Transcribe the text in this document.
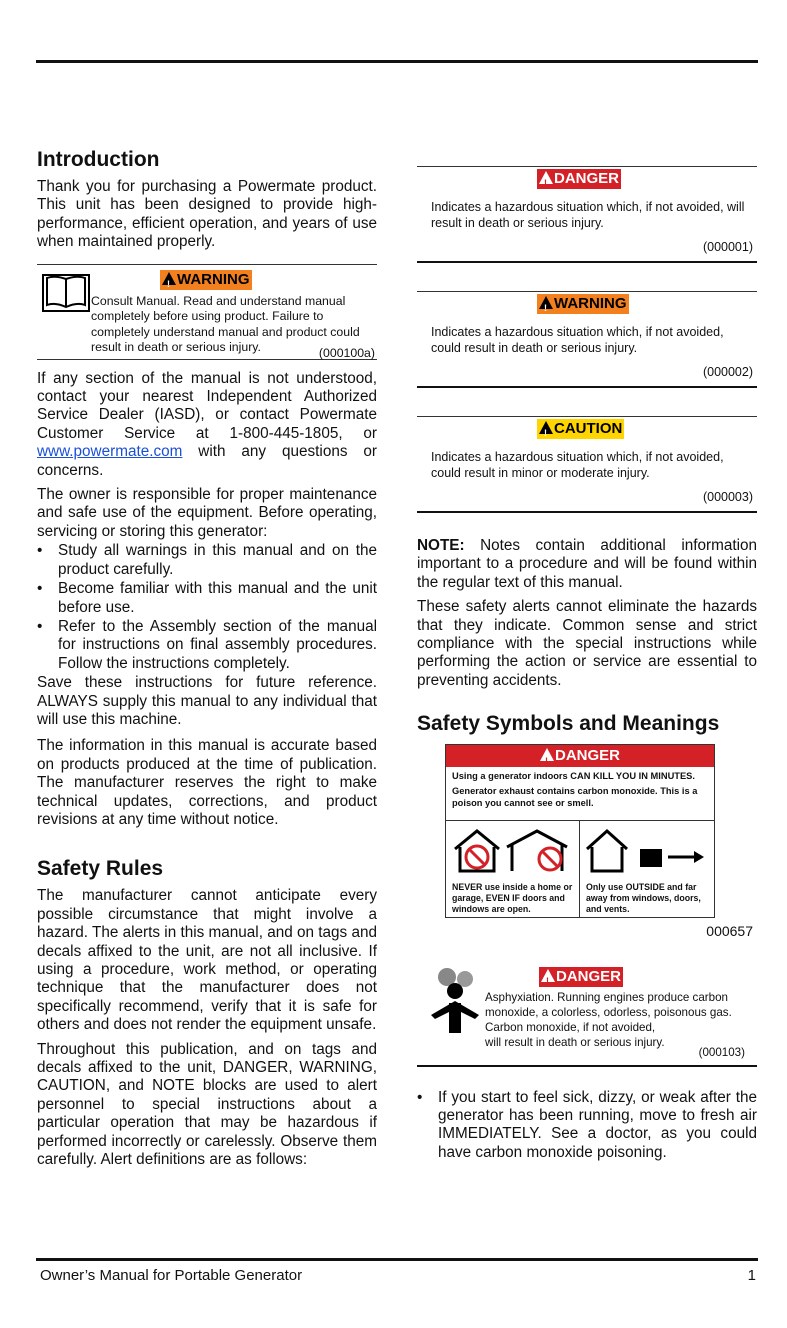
Introduction

Thank you for purchasing a Powermate product. This unit has been designed to provide high-performance, efficient operation, and years of use when maintained properly.

!WARNING
Consult Manual. Read and understand manual completely before using product. Failure to completely understand manual and product could result in death or serious injury.	(000100a)

If any section of the manual is not understood, contact your nearest Independent Authorized Service Dealer (IASD), or contact Powermate Customer Service at 1-800-445-1805, or www.powermate.com with any questions or concerns.

The owner is responsible for proper maintenance and safe use of the equipment. Before operating, servicing or storing this generator:

• Study all warnings in this manual and on the product carefully.
• Become familiar with this manual and the unit before use.
• Refer to the Assembly section of the manual for instructions on final assembly procedures. Follow the instructions completely.

Save these instructions for future reference. ALWAYS supply this manual to any individual that will use this machine.

The information in this manual is accurate based on products produced at the time of publication. The manufacturer reserves the right to make technical updates, corrections, and product revisions at any time without notice.

Safety Rules

The manufacturer cannot anticipate every possible circumstance that might involve a hazard. The alerts in this manual, and on tags and decals affixed to the unit, are not all inclusive. If using a procedure, work method, or operating technique that the manufacturer does not specifically recommend, verify that it is safe for others and does not render the equipment unsafe.

Throughout this publication, and on tags and decals affixed to the unit, DANGER, WARNING, CAUTION, and NOTE blocks are used to alert personnel to special instructions about a particular operation that may be hazardous if performed incorrectly or carelessly. Observe them carefully. Alert definitions are as follows:

!DANGER
Indicates a hazardous situation which, if not avoided, will result in death or serious injury.
(000001)
!WARNING
Indicates a hazardous situation which, if not avoided, could result in death or serious injury.
(000002)
!CAUTION
Indicates a hazardous situation which, if not avoided, could result in minor or moderate injury.
(000003)

NOTE: Notes contain additional information important to a procedure and will be found within the regular text of this manual.

These safety alerts cannot eliminate the hazards that they indicate. Common sense and strict compliance with the special instructions while performing the action or service are essential to preventing accidents.

Safety Symbols and Meanings
!DANGER
Using a generator indoors CAN KILL YOU IN MINUTES.
Generator exhaust contains carbon monoxide. This is a poison you cannot see or smell.
NEVER use inside a home or garage, EVEN IF doors and windows are open.
Only use OUTSIDE and far away from windows, doors, and vents.
000657
!DANGER
Asphyxiation. Running engines produce carbon
monoxide, a colorless, odorless, poisonous gas.
Carbon monoxide, if not avoided,
will result in death or serious injury.
(000103)
• If you start to feel sick, dizzy, or weak after the generator has been running, move to fresh air IMMEDIATELY. See a doctor, as you could have carbon monoxide poisoning.
Owner’s Manual for Portable Generator	1
